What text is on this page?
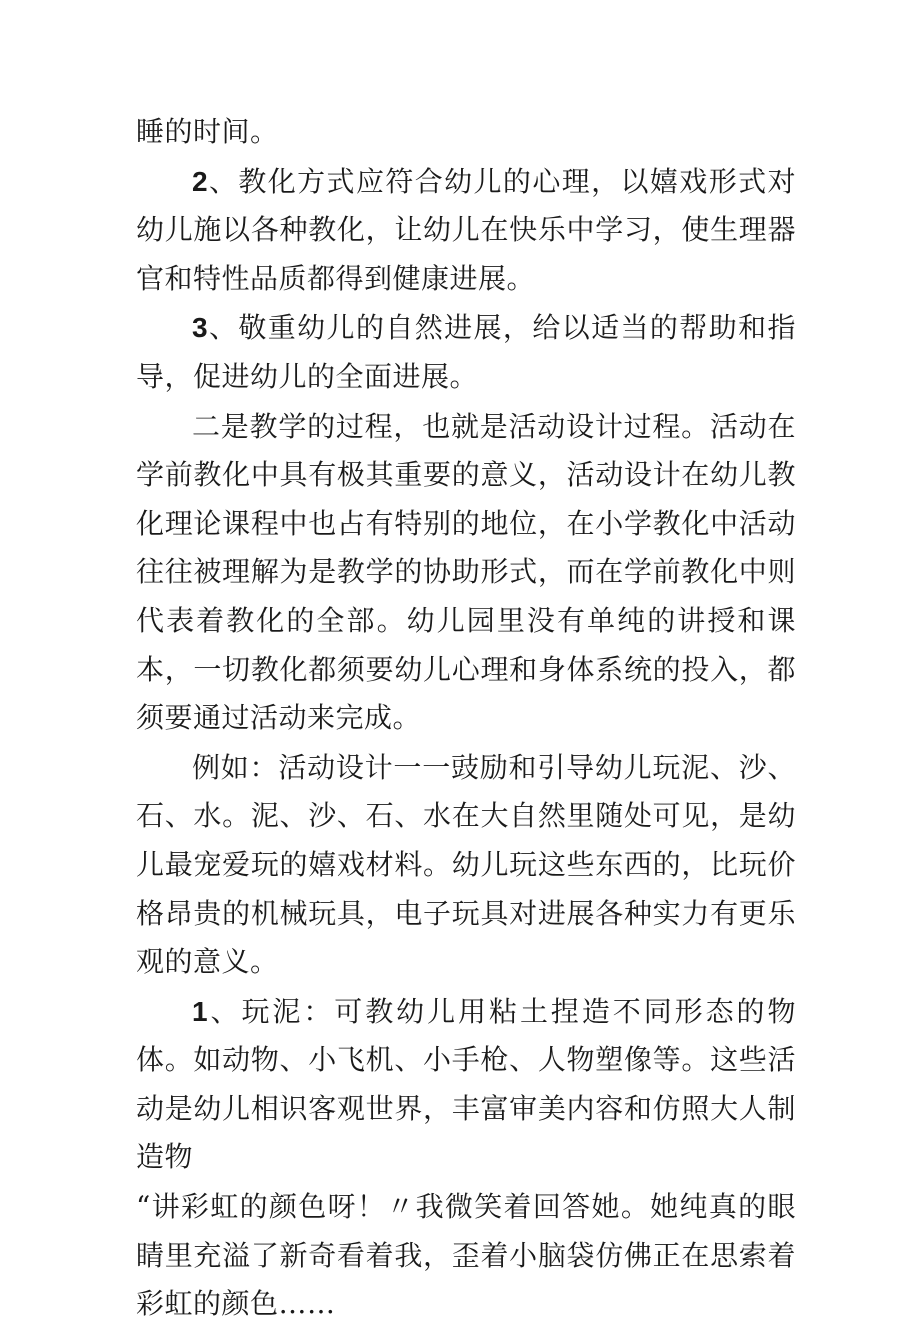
睡的时间。

2、教化方式应符合幼儿的心理，以嬉戏形式对幼儿施以各种教化，让幼儿在快乐中学习，使生理器官和特性品质都得到健康进展。

3、敬重幼儿的自然进展，给以适当的帮助和指导，促进幼儿的全面进展。

二是教学的过程，也就是活动设计过程。活动在学前教化中具有极其重要的意义，活动设计在幼儿教化理论课程中也占有特别的地位，在小学教化中活动往往被理解为是教学的协助形式，而在学前教化中则代表着教化的全部。幼儿园里没有单纯的讲授和课本，一切教化都须要幼儿心理和身体系统的投入，都须要通过活动来完成。

例如：活动设计一一豉励和引导幼儿玩泥、沙、石、水。泥、沙、石、水在大自然里随处可见，是幼儿最宠爱玩的嬉戏材料。幼儿玩这些东西的，比玩价格昂贵的机械玩具，电子玩具对进展各种实力有更乐观的意义。

1、玩泥：可教幼儿用粘土捏造不同形态的物体。如动物、小飞机、小手枪、人物塑像等。这些活动是幼儿相识客观世界，丰富审美内容和仿照大人制造物

“讲彩虹的颜色呀！〃我微笑着回答她。她纯真的眼睛里充溢了新奇看着我，歪着小脑袋仿佛正在思索着彩虹的颜色……
